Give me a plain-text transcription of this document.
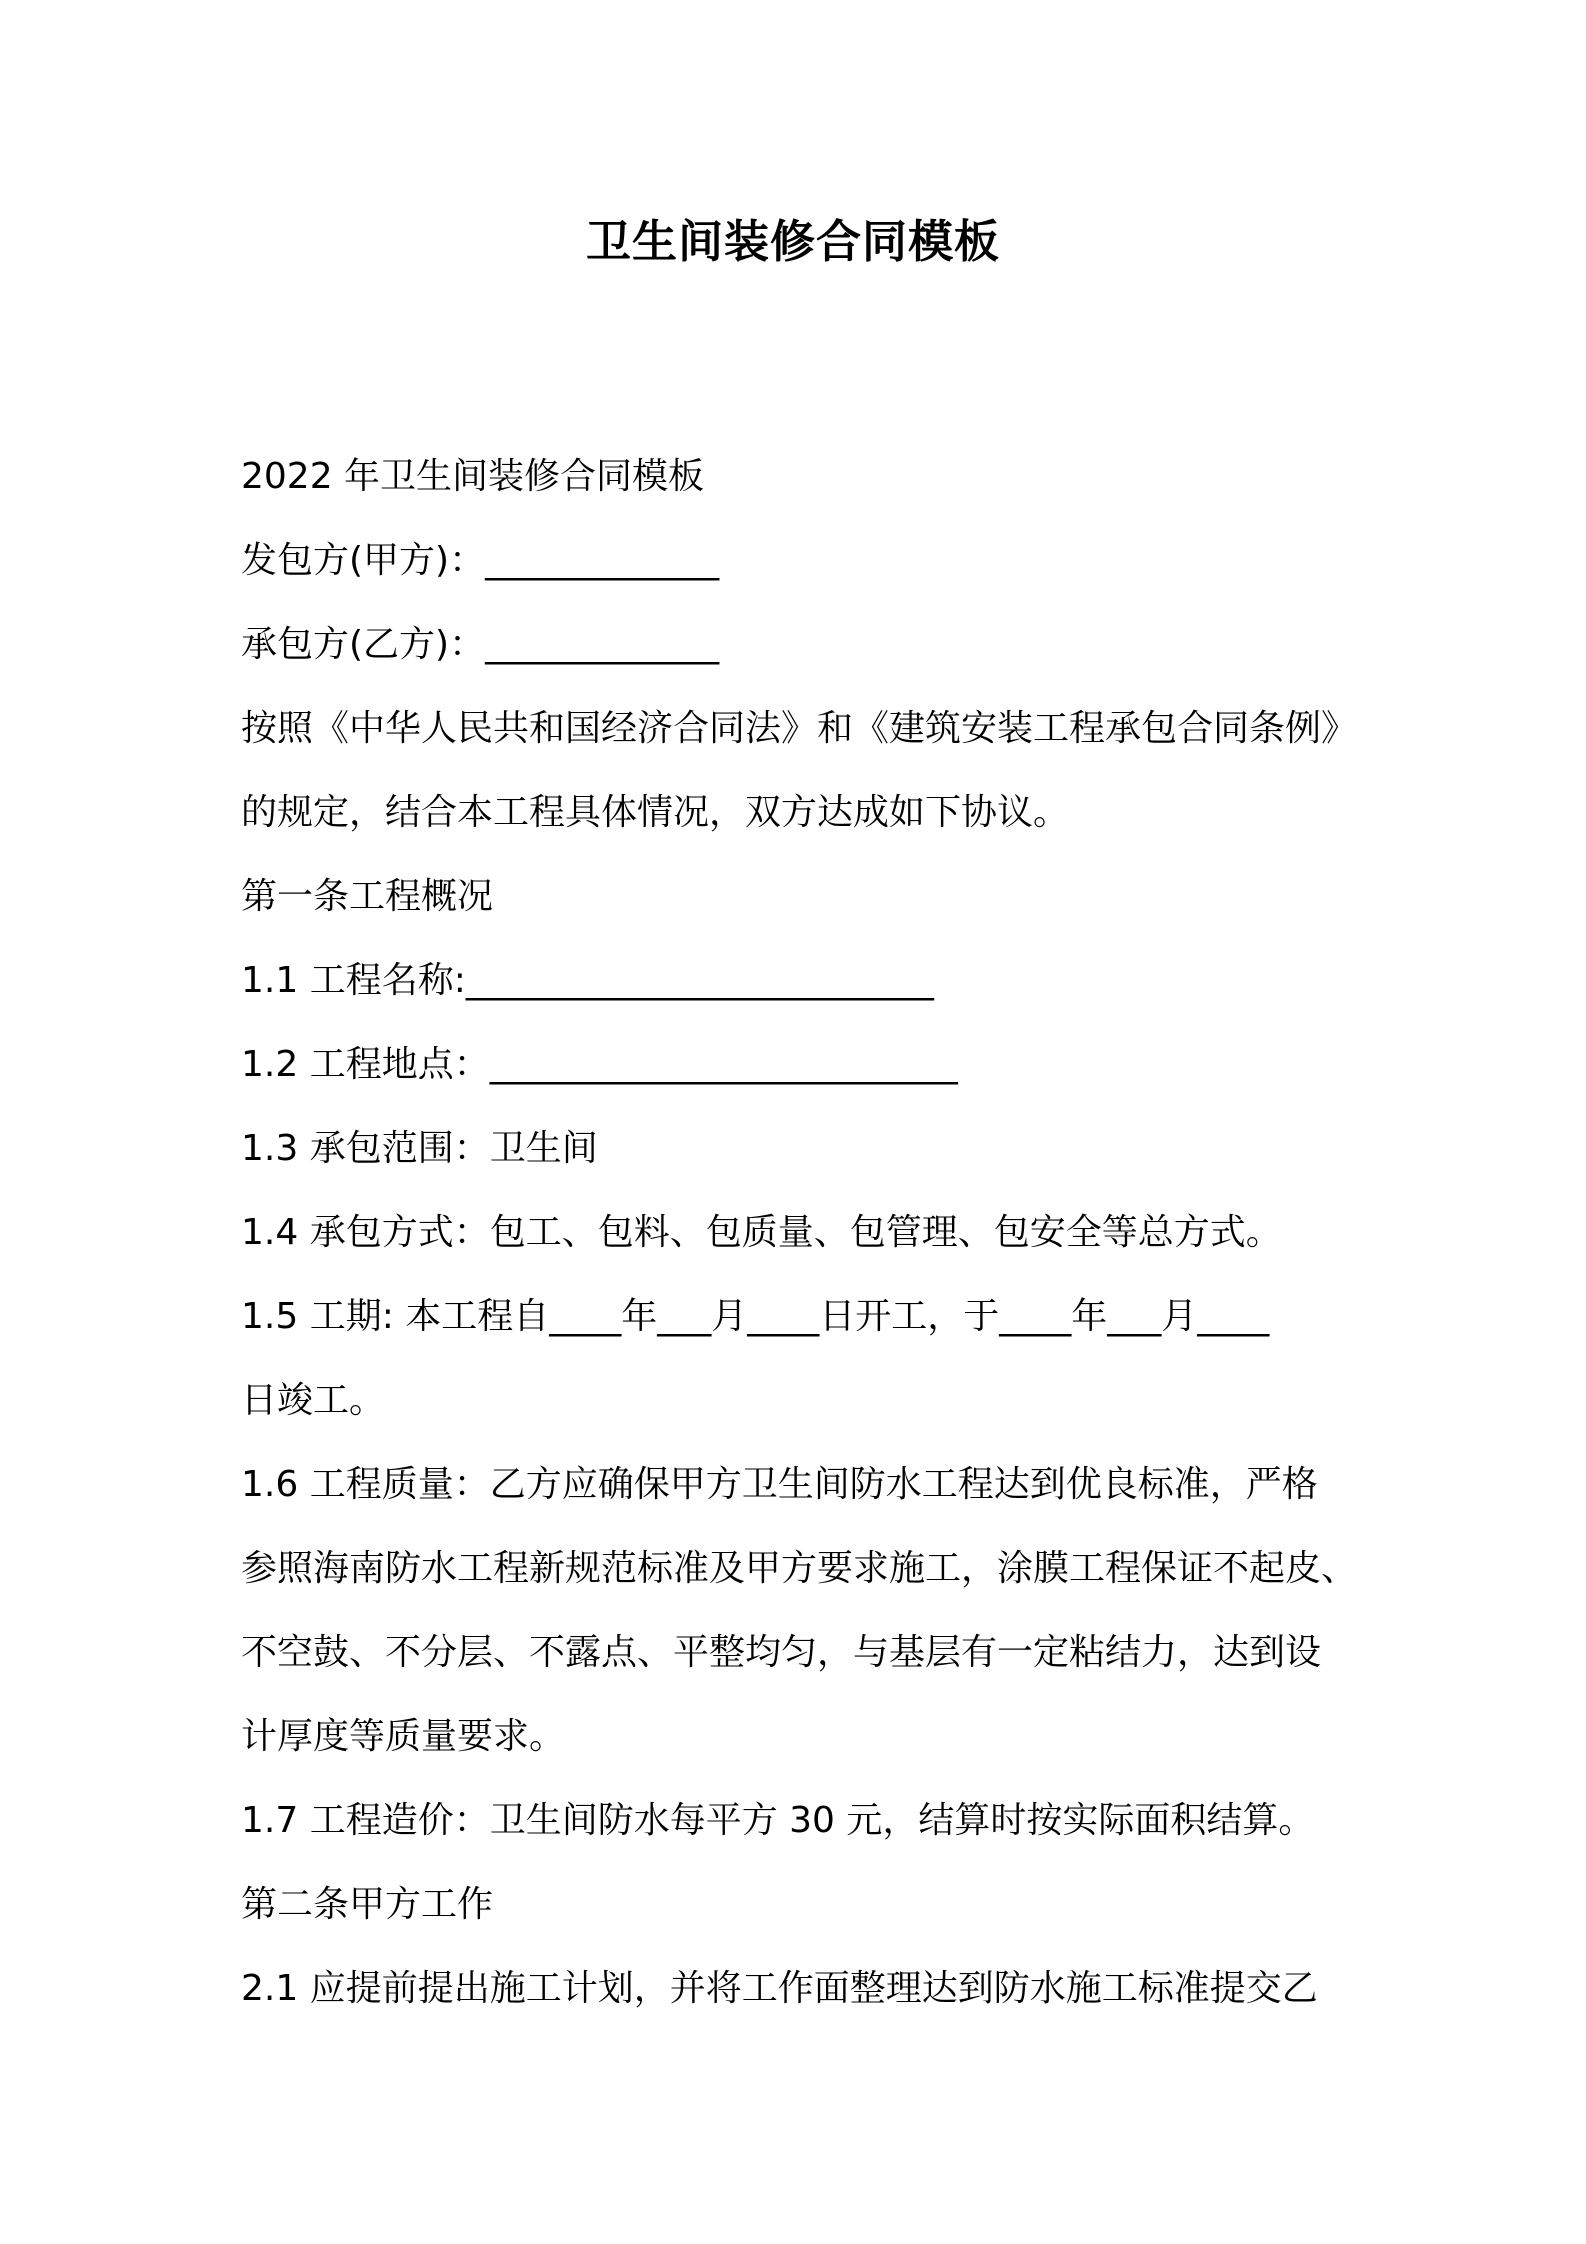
卫生间装修合同模板
2022 年卫生间装修合同模板
发包方(甲方)：_____________
承包方(乙方)：_____________
按照《中华人民共和国经济合同法》和《建筑安装工程承包合同条例》
的规定，结合本工程具体情况，双方达成如下协议。
第一条工程概况
1.1 工程名称:__________________________
1.2 工程地点：__________________________
1.3 承包范围：卫生间
1.4 承包方式：包工、包料、包质量、包管理、包安全等总方式。
1.5 工期: 本工程自____年___月____日开工，于____年___月____
日竣工。
1.6 工程质量：乙方应确保甲方卫生间防水工程达到优良标准，严格
参照海南防水工程新规范标准及甲方要求施工，涂膜工程保证不起皮、
不空鼓、不分层、不露点、平整均匀，与基层有一定粘结力，达到设
计厚度等质量要求。
1.7 工程造价：卫生间防水每平方 30 元，结算时按实际面积结算。
第二条甲方工作
2.1 应提前提出施工计划，并将工作面整理达到防水施工标准提交乙
